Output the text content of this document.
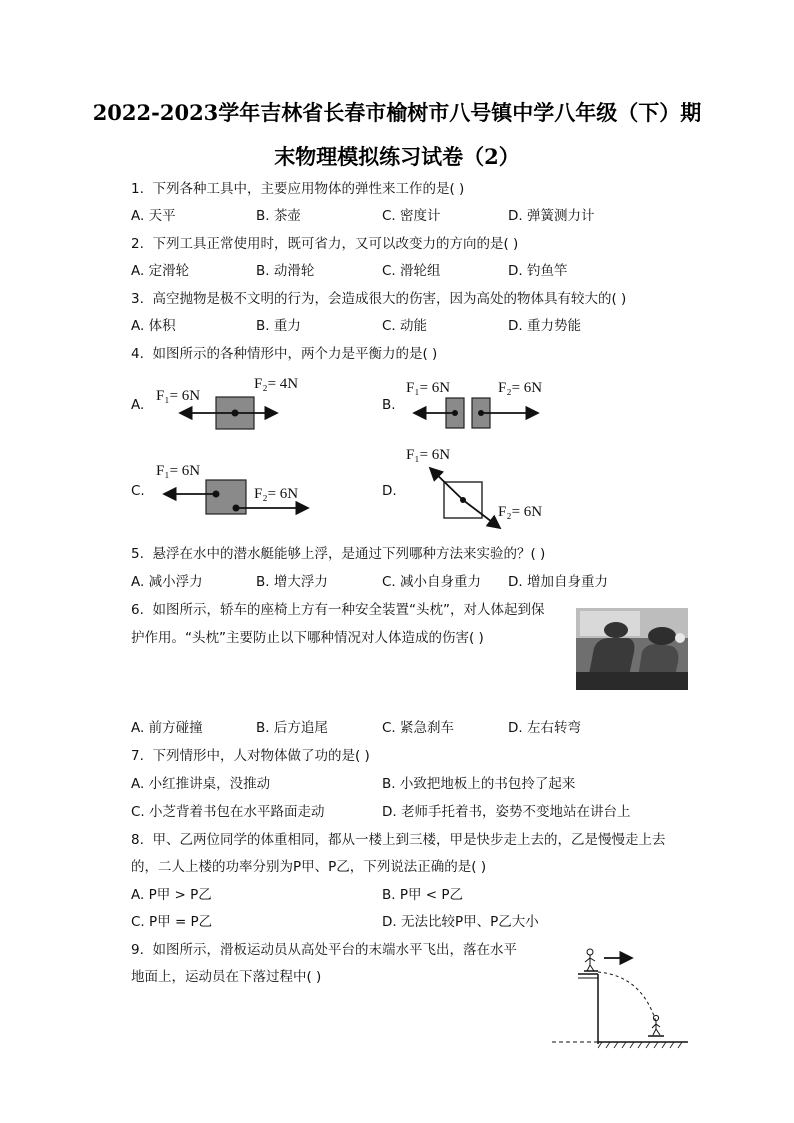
2022-2023学年吉林省长春市榆树市八号镇中学八年级（下）期
末物理模拟练习试卷（2）
1. 下列各种工具中，主要应用物体的弹性来工作的是( )
A. 天平	B. 茶壶	C. 密度计	D. 弹簧测力计
2. 下列工具正常使用时，既可省力，又可以改变力的方向的是( )
A. 定滑轮	B. 动滑轮	C. 滑轮组	D. 钓鱼竿
3. 高空抛物是极不文明的行为，会造成很大的伤害，因为高处的物体具有较大的( )
A. 体积	B. 重力	C. 动能	D. 重力势能
4. 如图所示的各种情形中，两个力是平衡力的是( )
A.
F₁= 6N
F₂= 4N
B.
F₁= 6N	F₂= 6N
C.
F₁= 6N
F₂= 6N	D.
F₁= 6N
F₂= 6N
5. 悬浮在水中的潜水艇能够上浮，是通过下列哪种方法来实验的？( )
A. 减小浮力	B. 增大浮力	C. 减小自身重力 D. 增加自身重力
6. 如图所示，轿车的座椅上方有一种安全装置“头枕”，对人体起到保
护作用。“头枕”主要防止以下哪种情况对人体造成的伤害( )
A. 前方碰撞	B. 后方追尾	C. 紧急刹车	D. 左右转弯
7. 下列情形中，人对物体做了功的是( )
A. 小红推讲桌，没推动	B. 小致把地板上的书包拎了起来
C. 小芝背着书包在水平路面走动	D. 老师手托着书，姿势不变地站在讲台上
8. 甲、乙两位同学的体重相同，都从一楼上到三楼，甲是快步走上去的，乙是慢慢走上去
的，二人上楼的功率分别为P甲、P乙，下列说法正确的是( )
A. P甲 > P乙	B. P甲 < P乙
C. P甲 = P乙	D. 无法比较P甲、P乙大小
9. 如图所示，滑板运动员从高处平台的末端水平飞出，落在水平
地面上，运动员在下落过程中( )
